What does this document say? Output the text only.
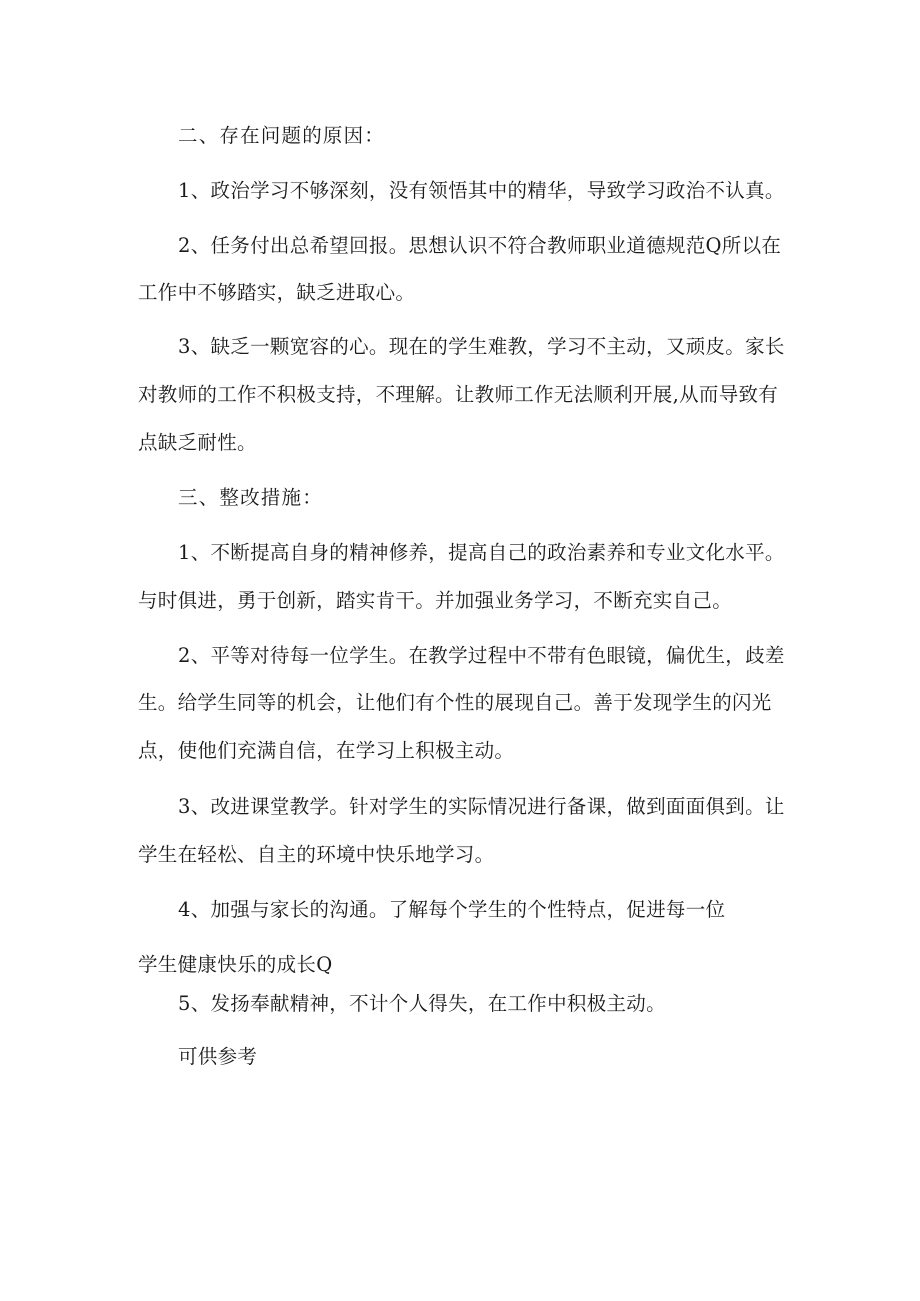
二、存在问题的原因：
1、政治学习不够深刻，没有领悟其中的精华，导致学习政治不认真。
2、任务付出总希望回报。思想认识不符合教师职业道德规范Q所以在
工作中不够踏实，缺乏进取心。
3、缺乏一颗宽容的心。现在的学生难教，学习不主动，又顽皮。家长
对教师的工作不积极支持，不理解。让教师工作无法顺利开展,从而导致有
点缺乏耐性。
三、整改措施：
1、不断提高自身的精神修养，提高自己的政治素养和专业文化水平。
与时俱进，勇于创新，踏实肯干。并加强业务学习，不断充实自己。
2、平等对待每一位学生。在教学过程中不带有色眼镜，偏优生，歧差
生。给学生同等的机会，让他们有个性的展现自己。善于发现学生的闪光
点，使他们充满自信，在学习上积极主动。
3、改进课堂教学。针对学生的实际情况进行备课，做到面面俱到。让
学生在轻松、自主的环境中快乐地学习。
4、加强与家长的沟通。了解每个学生的个性特点，促进每一位
学生健康快乐的成长Q
5、发扬奉献精神，不计个人得失，在工作中积极主动。
可供参考
